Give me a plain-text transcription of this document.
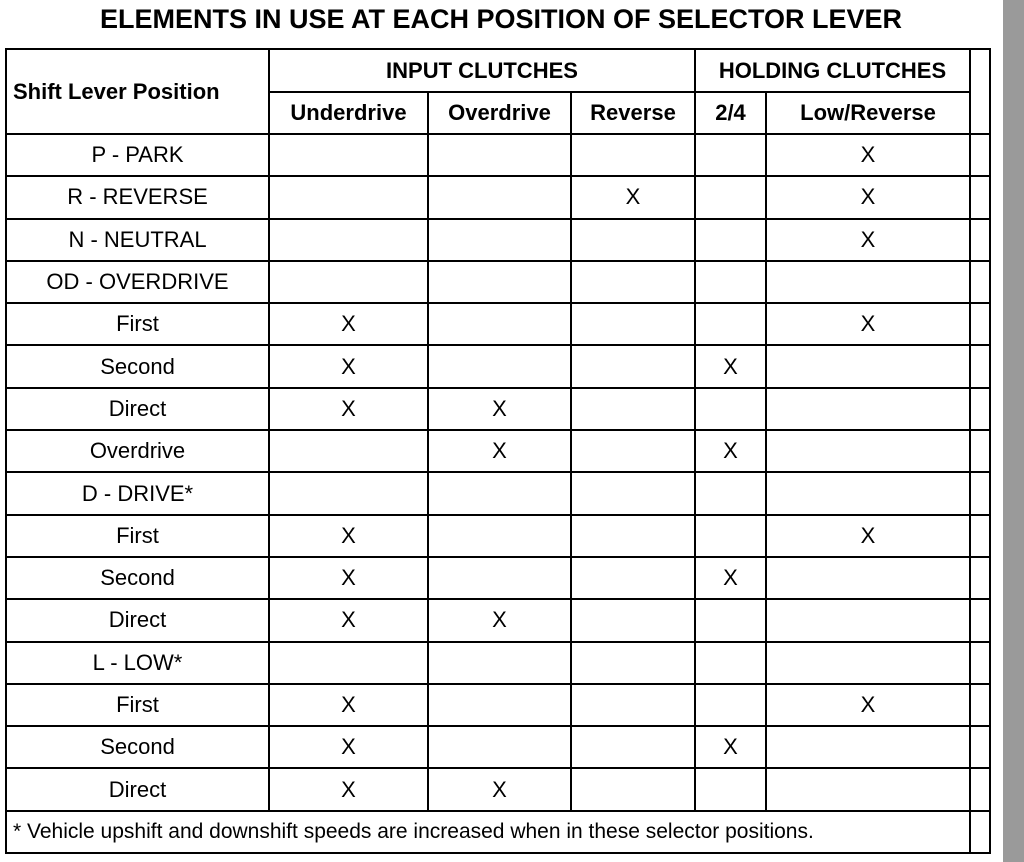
ELEMENTS IN USE AT EACH POSITION OF SELECTOR LEVER
Shift Lever Position	INPUT CLUTCHES			HOLDING CLUTCHES		
	Underdrive	Overdrive	Reverse	2/4	Low/Reverse	
P - PARK					X	
R - REVERSE			X		X	
N - NEUTRAL					X	
OD - OVERDRIVE						
First	X				X	
Second	X			X		
Direct	X	X				
Overdrive		X		X		
D - DRIVE*						
First	X				X	
Second	X			X		
Direct	X	X				
L - LOW*						
First	X				X	
Second	X			X		
Direct	X	X				
* Vehicle upshift and downshift speeds are increased when in these selector positions.						
